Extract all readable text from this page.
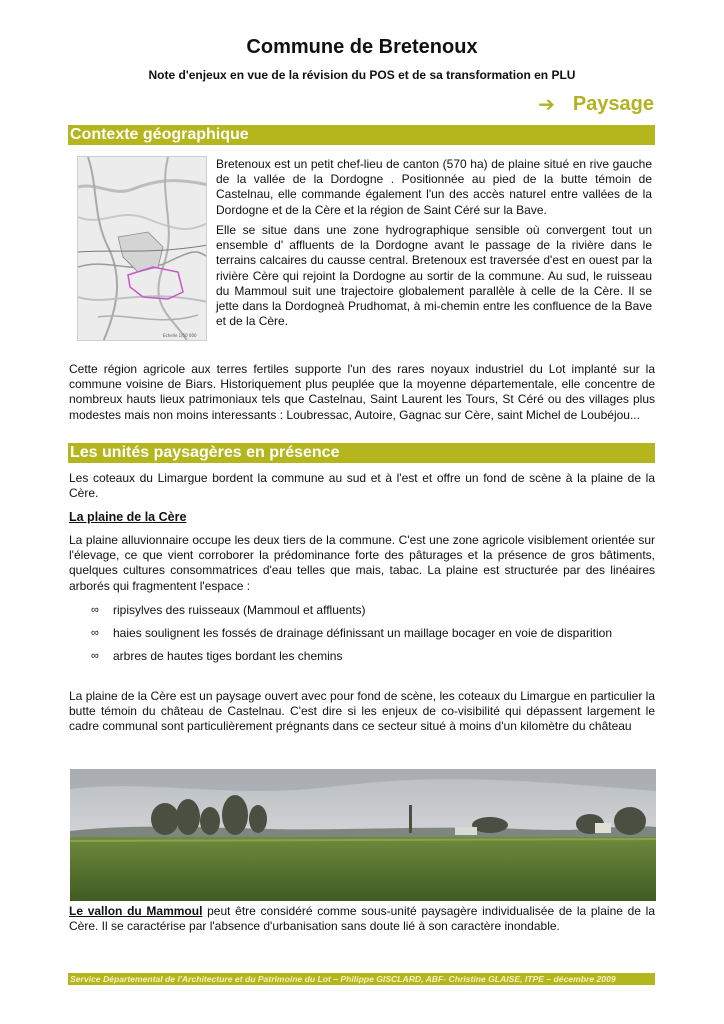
Commune de Bretenoux
Note d'enjeux en vue de la révision du POS et de sa transformation en PLU
➔ Paysage
Contexte géographique
Echelle 1/50 000
Bretenoux est un petit chef-lieu de canton (570 ha) de plaine situé en rive gauche de la vallée de la Dordogne . Positionnée au pied de la butte témoin de Castelnau, elle commande également l'un des accès naturel entre vallées de la Dordogne et de la Cère et la région de Saint Céré sur la Bave.
Elle se situe dans une zone hydrographique sensible où convergent tout un ensemble d' affluents de la Dordogne avant le passage de la rivière dans le terrains calcaires du causse central. Bretenoux est traversée d'est en ouest par la rivière Cère qui rejoint la Dordogne au sortir de la commune. Au sud, le ruisseau du Mammoul suit une trajectoire globalement parallèle à celle de la Cère. Il se jette dans la Dordogneà Prudhomat, à mi-chemin entre les confluence de la Bave et de la Cère.
Cette région agricole aux terres fertiles supporte l'un des rares noyaux industriel du Lot implanté sur la commune voisine de Biars. Historiquement plus peuplée que la moyenne départementale, elle concentre de nombreux hauts lieux patrimoniaux tels que Castelnau, Saint Laurent les Tours, St Céré ou des villages plus modestes mais non moins interessants : Loubressac, Autoire, Gagnac sur Cère, saint Michel de Loubéjou...
Les unités paysagères en présence
Les coteaux du Limargue bordent la commune au sud et à l'est et offre un fond de scène à la plaine de la Cère.
La plaine de la Cère
La plaine alluvionnaire occupe les deux tiers de la commune. C'est une zone agricole visiblement orientée sur l'élevage, ce que vient corroborer la prédominance forte des pâturages et la présence de gros bâtiments, quelques cultures consommatrices d'eau telles que mais, tabac. La plaine est structurée par des linéaires arborés qui fragmentent l'espace :
∞ ripisylves des ruisseaux (Mammoul et affluents)
∞ haies soulignent les fossés de drainage définissant un maillage bocager en voie de disparition
∞ arbres de hautes tiges bordant les chemins
La plaine de la Cère est un paysage ouvert avec pour fond de scène, les coteaux du Limargue en particulier la butte témoin du château de Castelnau. C'est dire si les enjeux de co-visibilité qui dépassent largement le cadre communal sont particulièrement prégnants dans ce secteur situé à moins d'un kilomètre du château
Le vallon du Mammoul peut être considéré comme sous-unité paysagère individualisée de la plaine de la Cère. Il se caractérise par l'absence d'urbanisation sans doute lié à son caractère inondable.
Service Départemental de l'Architecture et du Patrimoine du Lot – Philippe GISCLARD, ABF- Christine GLAISE, ITPE – décembre 2009
